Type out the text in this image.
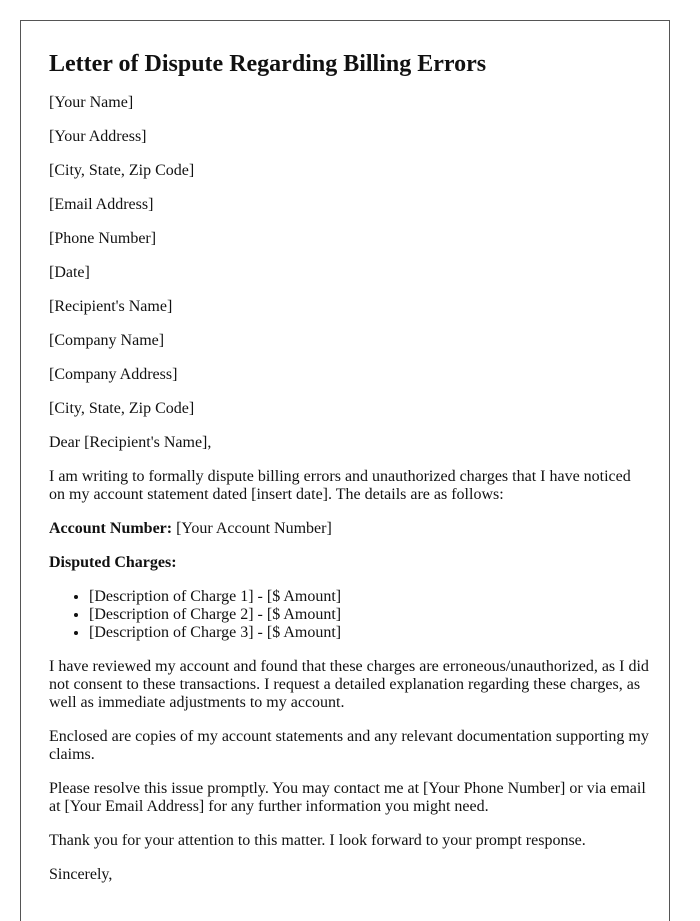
Letter of Dispute Regarding Billing Errors

[Your Name]

[Your Address]

[City, State, Zip Code]

[Email Address]

[Phone Number]

[Date]

[Recipient's Name]

[Company Name]

[Company Address]

[City, State, Zip Code]

Dear [Recipient's Name],

I am writing to formally dispute billing errors and unauthorized charges that I have noticed on my account statement dated [insert date]. The details are as follows:

Account Number: [Your Account Number]

Disputed Charges:

• [Description of Charge 1] - [$ Amount]
• [Description of Charge 2] - [$ Amount]
• [Description of Charge 3] - [$ Amount]

I have reviewed my account and found that these charges are erroneous/unauthorized, as I did not consent to these transactions. I request a detailed explanation regarding these charges, as well as immediate adjustments to my account.

Enclosed are copies of my account statements and any relevant documentation supporting my claims.

Please resolve this issue promptly. You may contact me at [Your Phone Number] or via email at [Your Email Address] for any further information you might need.

Thank you for your attention to this matter. I look forward to your prompt response.

Sincerely,
